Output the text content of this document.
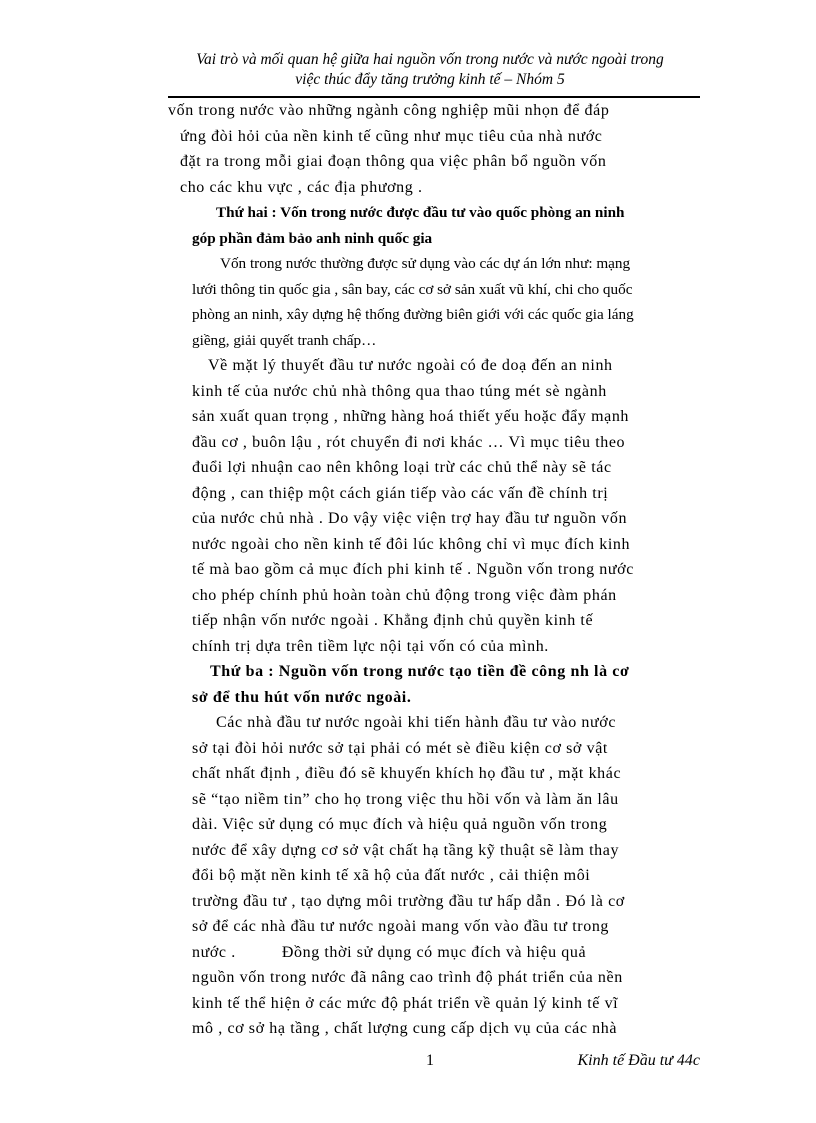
Vai trò và mối quan hệ giữa hai nguồn vốn trong nước và nước ngoài trong
việc thúc đẩy tăng trưởng kinh tế – Nhóm 5
vốn trong nước vào những ngành công nghiệp mũi nhọn để đáp
ứng đòi hỏi của nền kinh tế cũng như mục tiêu của nhà nước
đặt ra trong mỗi giai đoạn thông qua việc phân bổ nguồn vốn
cho các khu vực , các địa phương .
Thứ hai : Vốn trong nước được đầu tư vào quốc phòng an ninh
góp phần đảm bảo anh ninh quốc gia
Vốn trong nước thường được sử dụng vào các dự án lớn như: mạng
lưới thông tin quốc gia , sân bay, các cơ sở sản xuất vũ khí, chi cho quốc
phòng an ninh, xây dựng hệ thống đường biên giới với các quốc gia láng
giềng, giải quyết tranh chấp…
Về mặt lý thuyết đầu tư nước ngoài có đe doạ đến an ninh
kinh tế của nước chủ nhà thông qua thao túng mét sè ngành
sản xuất quan trọng , những hàng hoá thiết yếu hoặc đẩy mạnh
đầu cơ , buôn lậu , rót chuyển đi nơi khác … Vì mục tiêu theo
đuổi lợi nhuận cao nên không loại trừ các chủ thể này sẽ tác
động , can thiệp một cách gián tiếp vào các vấn đề chính trị
của nước chủ nhà . Do vậy việc viện trợ hay đầu tư nguồn vốn
nước ngoài cho nền kinh tế đôi lúc không chỉ vì mục đích kinh
tế mà bao gồm cả mục đích phi kinh tế . Nguồn vốn trong nước
cho phép chính phủ hoàn toàn chủ động trong việc đàm phán
tiếp nhận vốn nước ngoài . Khẳng định chủ quyền kinh tế
chính trị dựa trên tiềm lực nội tại vốn có của mình.
Thứ ba : Nguồn vốn trong nước tạo tiền đề công nh là cơ
sở để thu hút vốn nước ngoài.
Các nhà đầu tư nước ngoài khi tiến hành đầu tư vào nước
sở tại đòi hỏi nước sở tại phải có mét sè điều kiện cơ sở vật
chất nhất định , điều đó sẽ khuyến khích họ đầu tư , mặt khác
sẽ “tạo niềm tin” cho họ trong việc thu hồi vốn và làm ăn lâu
dài. Việc sử dụng có mục đích và hiệu quả nguồn vốn trong
nước để xây dựng cơ sở vật chất hạ tầng kỹ thuật sẽ làm thay
đổi bộ mặt nền kinh tế xã hộ của đất nước , cải thiện môi
trường đầu tư , tạo dựng môi trường đầu tư hấp dẫn . Đó là cơ
sở để các nhà đầu tư nước ngoài mang vốn vào đầu tư trong
nước .          Đồng thời sử dụng có mục đích và hiệu quả
nguồn vốn trong nước đã nâng cao trình độ phát triển của nền
kinh tế thể hiện ở các mức độ phát triển về quản lý kinh tế vĩ
mô , cơ sở hạ tầng , chất lượng cung cấp dịch vụ của các nhà
1	Kinh tế Đầu tư 44c
